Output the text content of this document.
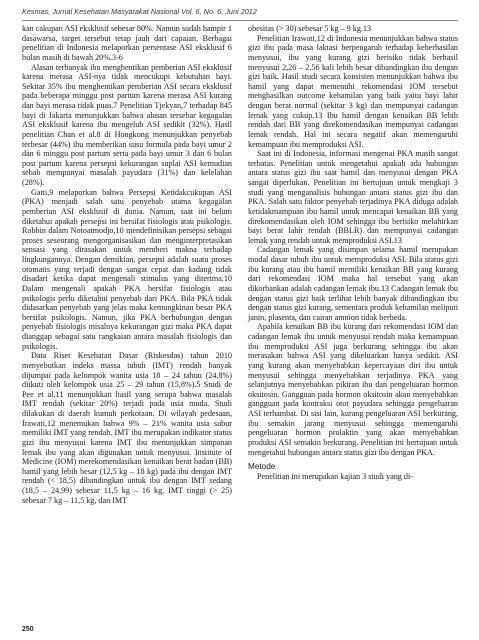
Kesmas, Jurnal Kesehatan Masyarakat Nasional Vol. 6, No. 6, Juni 2012

kan cakupan ASI eksklusif sebesar 80%. Namun sudah hampir 1 dasawarsa, target tersebut tetap jauh dari capaian. Berbagai penelitian di Indonesia melaporkan persentase ASI eksklusif 6 bulan masih di bawah 20%.3-6

Alasan terbanyak ibu menghentikan pemberian ASI eksklusif karena merasa ASI-nya tidak mencukupi kebutuhan bayi. Sekitar 35% ibu menghentikan pemberian ASI secara eksklusif pada beberapa minggu post partum karena merasa ASI kurang dan bayi merasa tidak puas.7 Penelitian Tjekyan,7 terhadap 845 bayi di Jakarta menunjukkan bahwa alasan tersebar kegagalan ASI eksklusif karena ibu mengeluh ASI sedikit (32%). Hasil penelitian Chan et al.8 di Hongkong menunjukkan penyebab terbesar (44%) ibu memberikan susu formula pada bayi umur 2 dan 6 minggu post partum serta pada bayi umur 3 dan 6 bulan post partum karena persepsi kekurangan suplai ASI kemudian sebab mempunyai masalah payudara (31%) dan kelelahan (28%).

Gatti,9 melaporkan bahwa Persepsi Ketidakcukupan ASI (PKA) menjadi salah satu penyebab utama kegagalan pemberian ASI eksklusif di dunia. Namun, saat ini belum diketahui apakah persepsi ini bersifat fisiologis atau psikologis. Robbin dalam Notoatmodjo,10 mendefinisikan persepsi sebagai proses seseorang mengorganisasikan dan menginterpretasikan sensasi yang dirasakan untuk memberi makna terhadap lingkungannya. Dengan demikian, persepsi adalah suatu proses otomatis yang terjadi dengan sangat cepat dan kadang tidak disadari ketika dapat mengenali stimulus yang diterima.10 Dalam mengenali apakah PKA bersifat fisiologis atau psikologis perlu diketahui penyebab dari PKA. Bila PKA tidak didasarkan penyebab yang jelas maka kemungkinan besar PKA bersifat psikologis. Namun, jika PKA berhubungan dengan penyebab fisiologis misalnya kekurangan gizi maka PKA dapat dianggap sebagai satu rangkaian antara masalah fisiologis dan psikologis.

Data Riset Kesehatan Dasar (Riskesdas) tahun 2010 menyebutkan indeks massa tubuh (IMT) rendah banyak dijumpai pada kelompok wanita usia 18 – 24 tahun (24,8%) diikuti oleh kelompok usia 25 – 29 tahun (15,8%).5 Studi de Pee et al,11 menunjukkan hasil yang serupa bahwa masalah IMT rendah (sekitar 20%) terjadi pada usia muda. Studi dilakukan di daerah kumuh perkotaan. Di wilayah pedesaan, Irawati,12 menemukan bahwa 9% – 21% wanita usia subur memiliki IMT yang rendah. IMT ibu merupakan indikator status gizi ibu menyusui karena IMT ibu menunjukkan simpanan lemak ibu yang akan digunakan untuk menyusui. Institute of Medicine (IOM) merekomendasikan kenaikan berat badan (BB) hamil yang lebih besar (12,5 kg – 18 kg) pada ibu dengan IMT rendah (< 18,5) dibandingkan untuk ibu dengan IMT sedang (18,5 – 24,99) sebesar 11,5 kg – 16 kg, IMT tinggi (> 25) sebesar 7 kg – 11,5 kg, dan IMT

obesitas (> 30) sebesar 5 kg – 9 kg.13

Penelitian Irawati,12 di Indonesia menunjukkan bahwa status gizi ibu pada masa laktasi berpengaruh terhadap keberhasilan menyusui, ibu yang kurang gizi berisiko tidak berhasil menyusui 2,26 – 2,56 kali lebih besar dibandingkan ibu dengan gizi baik. Hasil studi secara konsisten menunjukkan bahwa ibu hamil yang dapat memenuhi rekomendasi IOM tersebut menghasilkan outcome kehamilan yang baik yaitu bayi lahir dengan berat normal (sekitar 3 kg) dan mempunyai cadangan lemak yang cukup.13 Ibu hamil dengan kenaikan BB lebih rendah dari BB yang direkomendasikan mempunyai cadangan lemak rendah. Hal ini secara negatif akan memengaruhi kemampuan ibu memproduksi ASI.

Saat ini di Indonesia, informasi mengenai PKA masih sangat terbatas. Penelitian untuk mengetahui apakah ada hubungan antara status gizi ibu saat hamil dan menyusui dengan PKA sangat diperlukan. Penelitian ini bertujuan untuk mengkaji 3 studi yang menganalisis hubungan antara status gizi ibu dan PKA. Salah satu faktor penyebab terjadinya PKA diduga adalah ketidakmampuan ibu hamil untuk mencapai kenaikan BB yang direkomendasikan oleh IOM sehingga ibu berisiko melahirkan bayi berat lahir rendah (BBLR) dan mempunyai cadangan lemak yang rendah untuk memproduksi ASI.13

Cadangan lemak yang disimpan selama hamil merupakan modal dasar tubuh ibu untuk memproduksi ASI. Bila status gizi ibu kurang atau ibu hamil memiliki kenaikan BB yang kurang dari rekomendasi IOM maka hal tersebut yang akan dikorbankan adalah cadangan lemak ibu.13 Cadangan lemak ibu dengan status gizi baik terlihat lebih banyak dibandingkan ibu dengan status gizi kurang, sementara produk kehamilan meliputi janin, plasenta, dan cairan amnion tidak berbeda.

Apabila kenaikan BB ibu kurang dari rekomendasi IOM dan cadangan lemak ibu untuk menyusui rendah maka kemampuan ibu memproduksi ASI juga berkurang sehingga ibu akan merasakan bahwa ASI yang dikeluarkan hanya sedikit. ASI yang kurang akan menyebabkan kepercayaan diri ibu untuk menyusui sehingga menyebabkan terjadinya PKA yang selanjutnya menyebabkan pikiran ibu dan pengeluaran hormon oksitosin. Gangguan pada hormon oksitosin akan menyebabkan gangguan pada kontraksi otot payudara sehingga pengeluaran ASI terhambat. Di sisi lain, kurang pengeluaran ASI berkurang, ibu semakin jarang menyusui sehingga memengaruhi pengeluaran hormon prolaktin yang akan menyebabkan produksi ASI semakin berkurang. Penelitian ini bertujuan untuk mengetahui hubungan antara status gizi ibu dengan PKA.

Metode

Penelitian ini merupakan kajian 3 studi yang di-

250
